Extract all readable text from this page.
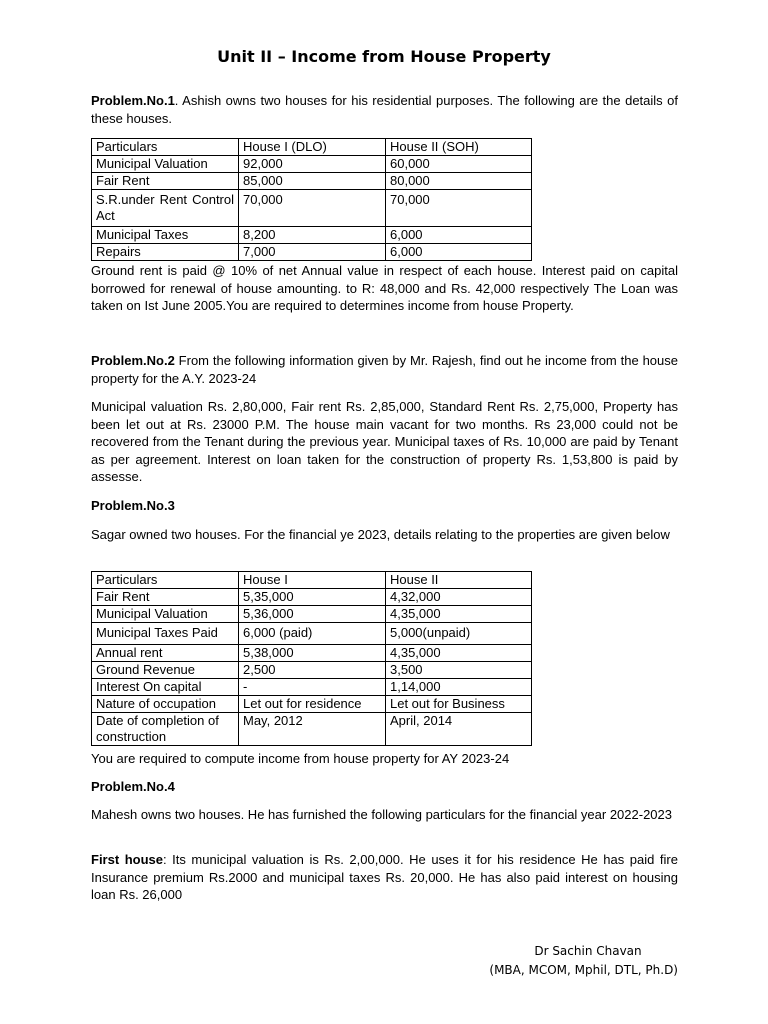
Unit II – Income from House Property

Problem.No.1. Ashish owns two houses for his residential purposes. The following are the details of these houses.

Particulars	House I (DLO)	House II (SOH)
Municipal Valuation	92,000	60,000
Fair Rent	85,000	80,000
S.R.under Rent Control Act	70,000	70,000
Municipal Taxes	8,200	6,000
Repairs	7,000	6,000

Ground rent is paid @ 10% of net Annual value in respect of each house. Interest paid on capital borrowed for renewal of house amounting. to R: 48,000 and Rs. 42,000 respectively The Loan was taken on Ist June 2005.You are required to determines income from house Property.

Problem.No.2 From the following information given by Mr. Rajesh, find out he income from the house property for the A.Y. 2023-24

Municipal valuation Rs. 2,80,000, Fair rent Rs. 2,85,000, Standard Rent Rs. 2,75,000, Property has been let out at Rs. 23000 P.M. The house main vacant for two months. Rs 23,000 could not be recovered from the Tenant during the previous year. Municipal taxes of Rs. 10,000 are paid by Tenant as per agreement. Interest on loan taken for the construction of property Rs. 1,53,800 is paid by assesse.

Problem.No.3

Sagar owned two houses. For the financial ye 2023, details relating to the properties are given below

Particulars	House I	House II
Fair Rent	5,35,000	4,32,000
Municipal Valuation	5,36,000	4,35,000
Municipal Taxes Paid	6,000 (paid)	5,000(unpaid)
Annual rent	5,38,000	4,35,000
Ground Revenue	2,500	3,500
Interest On capital	-	1,14,000
Nature of occupation	Let out for residence	Let out for Business
Date of completion of construction	May, 2012	April, 2014

You are required to compute income from house property for AY 2023-24

Problem.No.4

Mahesh owns two houses. He has furnished the following particulars for the financial year 2022-2023

First house: Its municipal valuation is Rs. 2,00,000. He uses it for his residence He has paid fire Insurance premium Rs.2000 and municipal taxes Rs. 20,000. He has also paid interest on housing loan Rs. 26,000

Dr Sachin Chavan
(MBA, MCOM, Mphil, DTL, Ph.D)
